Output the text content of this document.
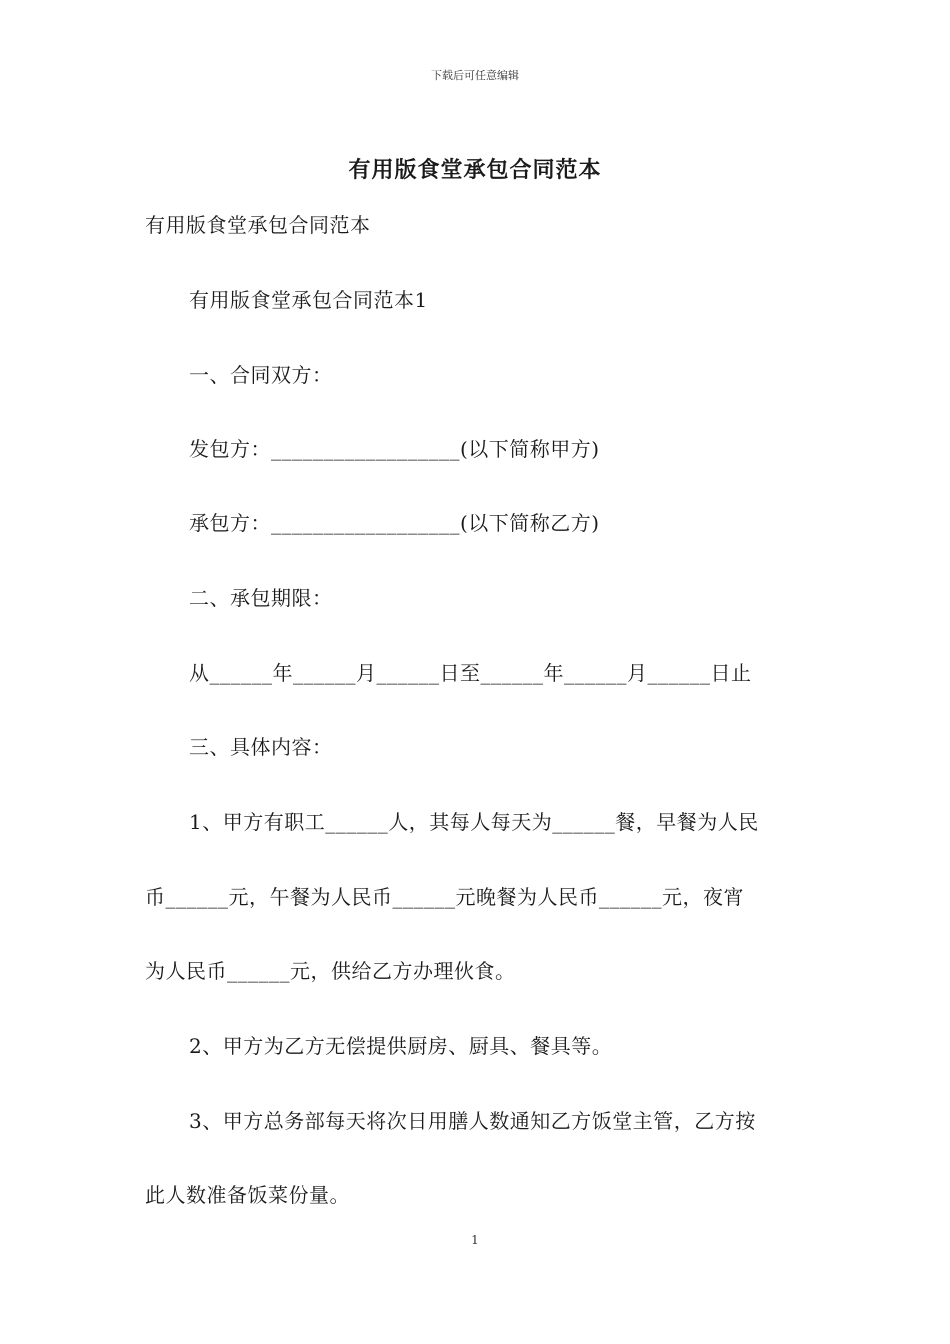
下载后可任意编辑
有用版食堂承包合同范本
有用版食堂承包合同范本
有用版食堂承包合同范本1
一、合同双方：
发包方：__________________(以下简称甲方)
承包方：__________________(以下简称乙方)
二、承包期限：
从______年______月______日至______年______月______日止
三、具体内容：
1、甲方有职工______人，其每人每天为______餐，早餐为人民
币______元，午餐为人民币______元晚餐为人民币______元，夜宵
为人民币______元，供给乙方办理伙食。
2、甲方为乙方无偿提供厨房、厨具、餐具等。
3、甲方总务部每天将次日用膳人数通知乙方饭堂主管，乙方按
此人数准备饭菜份量。
1
